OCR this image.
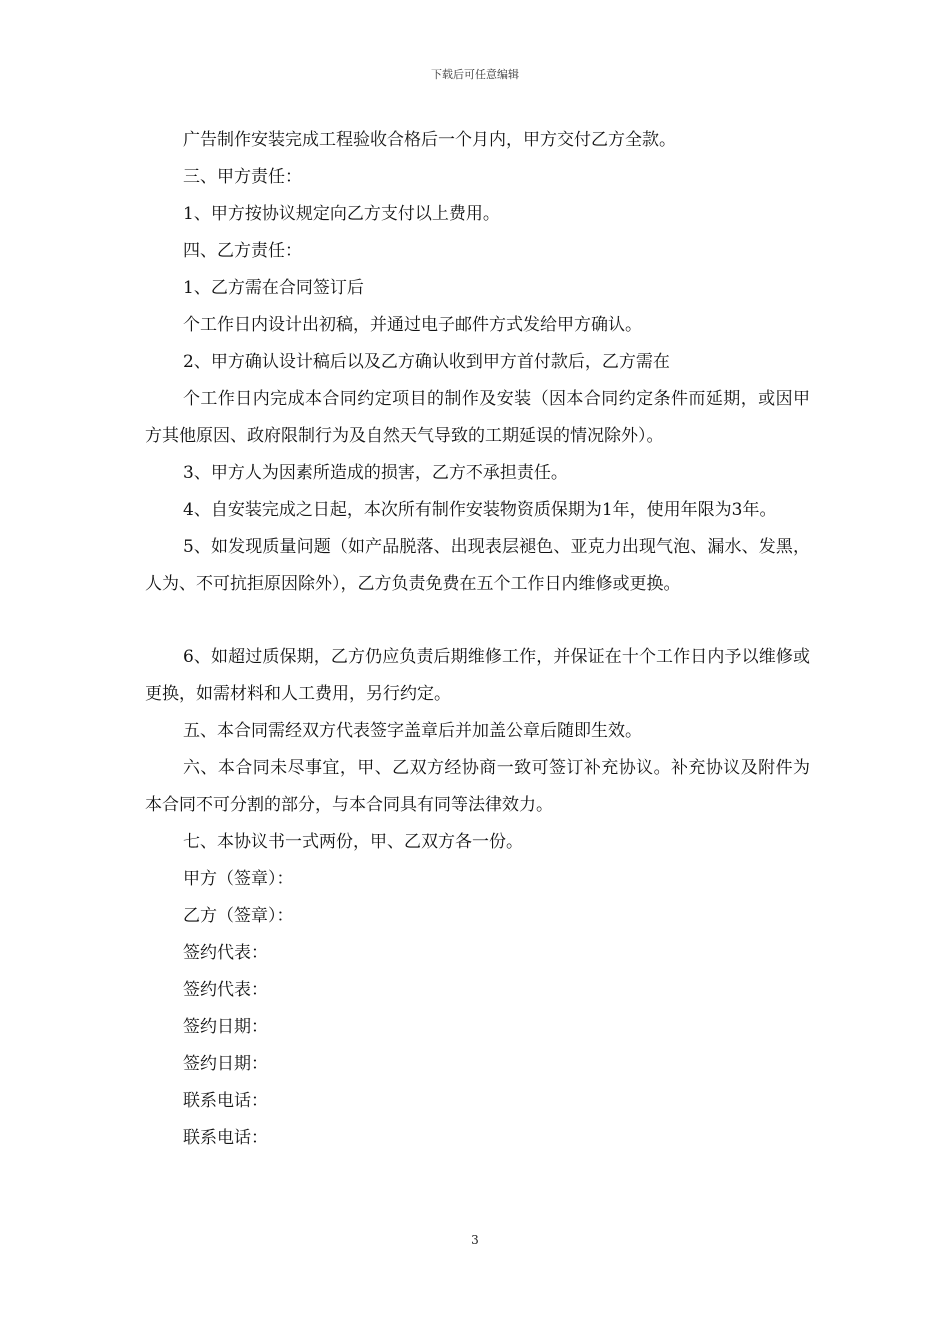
下载后可任意编辑

广告制作安装完成工程验收合格后一个月内，甲方交付乙方全款。

三、甲方责任：

1、甲方按协议规定向乙方支付以上费用。

四、乙方责任：

1、乙方需在合同签订后

个工作日内设计出初稿，并通过电子邮件方式发给甲方确认。

2、甲方确认设计稿后以及乙方确认收到甲方首付款后，乙方需在

个工作日内完成本合同约定项目的制作及安装（因本合同约定条件而延期，或因甲方其他原因、政府限制行为及自然天气导致的工期延误的情况除外）。

3、甲方人为因素所造成的损害，乙方不承担责任。

4、自安装完成之日起，本次所有制作安装物资质保期为1年，使用年限为3年。

5、如发现质量问题（如产品脱落、出现表层褪色、亚克力出现气泡、漏水、发黑，人为、不可抗拒原因除外），乙方负责免费在五个工作日内维修或更换。

6、如超过质保期，乙方仍应负责后期维修工作，并保证在十个工作日内予以维修或更换，如需材料和人工费用，另行约定。

五、本合同需经双方代表签字盖章后并加盖公章后随即生效。

六、本合同未尽事宜，甲、乙双方经协商一致可签订补充协议。补充协议及附件为本合同不可分割的部分，与本合同具有同等法律效力。

七、本协议书一式两份，甲、乙双方各一份。

甲方（签章）：

乙方（签章）：

签约代表：

签约代表：

签约日期：

签约日期：

联系电话：

联系电话：

3
